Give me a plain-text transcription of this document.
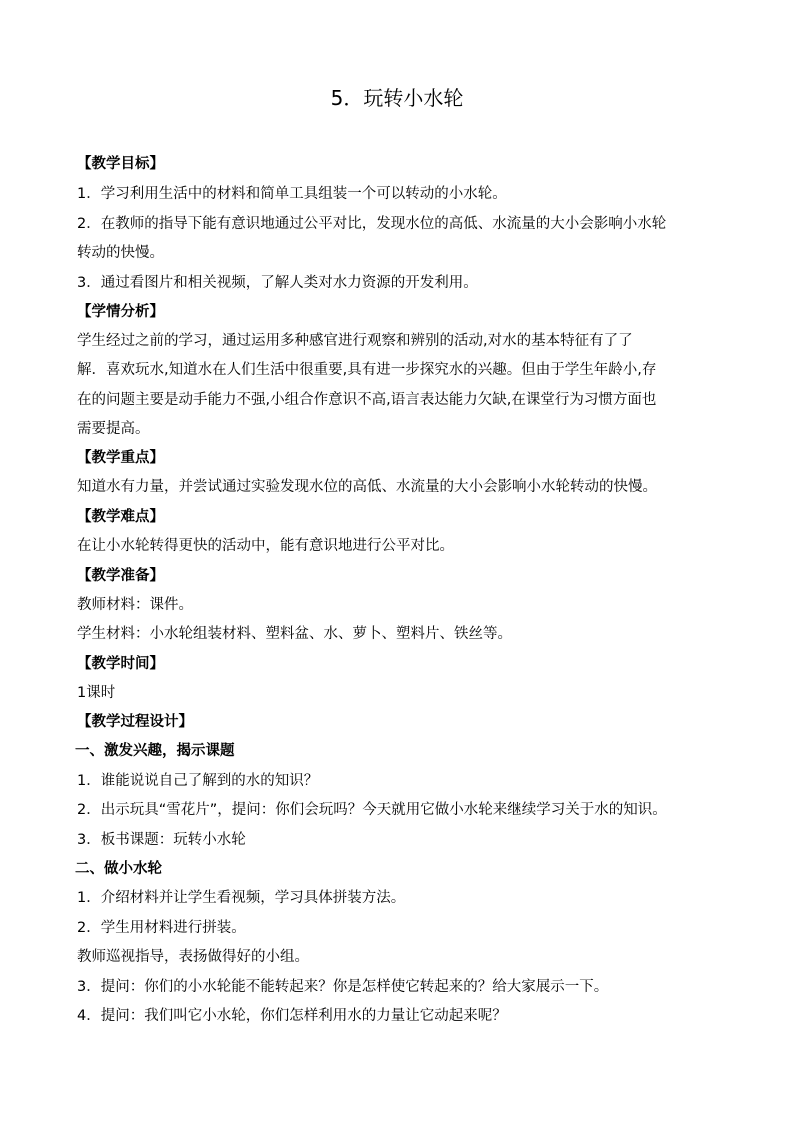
5．玩转小水轮
【教学目标】
1．学习利用生活中的材料和简单工具组装一个可以转动的小水轮。
2．在教师的指导下能有意识地通过公平对比，发现水位的高低、水流量的大小会影响小水轮
转动的快慢。
3．通过看图片和相关视频，了解人类对水力资源的开发利用。
【学情分析】
学生经过之前的学习，通过运用多种感官进行观察和辨别的活动,对水的基本特征有了了
解．喜欢玩水,知道水在人们生活中很重要,具有进一步探究水的兴趣。但由于学生年龄小,存
在的问题主要是动手能力不强,小组合作意识不高,语言表达能力欠缺,在课堂行为习惯方面也
需要提高。
【教学重点】
知道水有力量，并尝试通过实验发现水位的高低、水流量的大小会影响小水轮转动的快慢。
【教学难点】
在让小水轮转得更快的活动中，能有意识地进行公平对比。
【教学准备】
教师材料：课件。
学生材料：小水轮组装材料、塑料盆、水、萝卜、塑料片、铁丝等。
【教学时间】
1课时
【教学过程设计】
一、激发兴趣，揭示课题
1．谁能说说自己了解到的水的知识？
2．出示玩具“雪花片”，提问：你们会玩吗？今天就用它做小水轮来继续学习关于水的知识。
3．板书课题：玩转小水轮
二、做小水轮
1．介绍材料并让学生看视频，学习具体拼装方法。
2．学生用材料进行拼装。
教师巡视指导，表扬做得好的小组。
3．提问：你们的小水轮能不能转起来？你是怎样使它转起来的？给大家展示一下。
4．提问：我们叫它小水轮，你们怎样利用水的力量让它动起来呢？
